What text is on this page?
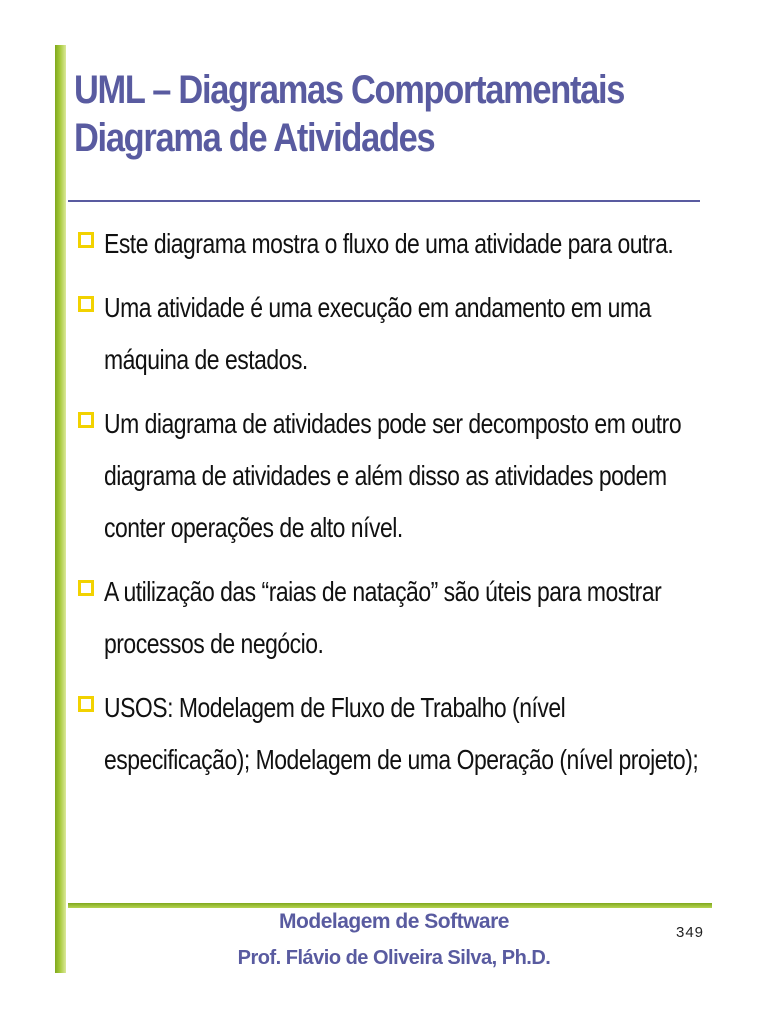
UML – Diagramas Comportamentais
Diagrama de Atividades
Este diagrama mostra o fluxo de uma atividade para outra.
Uma atividade é uma execução em andamento em uma
máquina de estados.
Um diagrama de atividades pode ser decomposto em outro
diagrama de atividades e além disso as atividades podem
conter operações de alto nível.
A utilização das “raias de natação” são úteis para mostrar
processos de negócio.
USOS: Modelagem de Fluxo de Trabalho (nível
especificação); Modelagem de uma Operação (nível projeto);
Modelagem de Software
Prof. Flávio de Oliveira Silva, Ph.D.
349
